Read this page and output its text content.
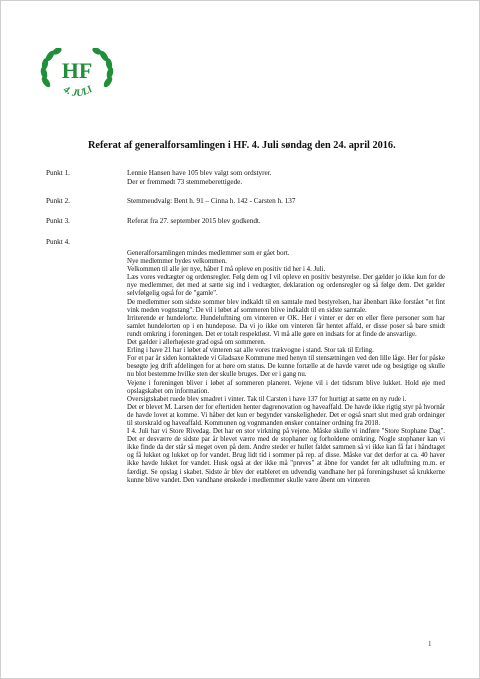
HF
4. JULI
Referat af generalforsamlingen i HF. 4. Juli søndag den 24. april 2016.
Punkt 1.	Lennie Hansen have 105 blev valgt som ordstyrer.
Der er fremmødt 73 stemmeberettigede.
Punkt 2.	Stemmeudvalg: Bent h. 91 – Cinna h. 142 - Carsten h. 137
Punkt 3.	Referat fra 27. september 2015 blev godkendt.
Punkt 4.

Generalforsamlingen mindes medlemmer som er gået bort.

Nye medlemmer bydes velkommen.

Velkommen til alle jer nye, håber I må opleve en positiv tid her i 4. Juli.

Læs vores vedtægter og ordensregler. Følg dem og I vil opleve en positiv bestyrelse. Der gælder jo ikke kun for de nye medlemmer, det med at sætte sig ind i vedtægter, deklaration og ordensregler og så følge dem. Det gælder selvfølgelig også for de "gamle".

De medlemmer som sidste sommer blev indkaldt til en samtale med bestyrelsen, har åbenbart ikke forstået "et fint vink meden vognstang". De vil i løbet af sommeren blive indkaldt til en sidste samtale.

Irriterende er hundelorte. Hundeluftning om vinteren er OK. Her i vinter er der en eller flere personer som har samlet hundelorten op i en hundepose. Da vi jo ikke om vinteren får hentet affald, er disse poser så bare smidt rundt omkring i foreningen. Det er totalt respektløst. Vi må alle gøre en indsats for at finde de ansvarlige.

Det gælder i allerhøjeste grad også om sommeren.

Erling i have 21 har i løbet af vinteren sat alle vores trækvogne i stand. Stor tak til Erling.

For et par år siden kontaktede vi Gladsaxe Kommune med henyn til stensætningen ved den lille låge. Her for påske besøgte jeg drift afdelingen for at høre om status. De kunne fortælle at de havde været ude og besigtige og skulle nu blot bestemme hvilke sten der skulle bruges. Der er i gang nu.

Vejene i foreningen bliver i løbet af sommeren planeret. Vejene vil i det tidsrum blive lukket. Hold øje med opslagskabet om information.

Oversigtskabet ruede blev smadret i vinter. Tak til Carsten i have 137 for hurtigt at sætte en ny rude i.

Det er blevet M. Larsen der for eftertiden henter dagrenovation og haveaffald. De havde ikke rigtig styr på hvornår de havde lovet at komme. Vi håber det kun er begynder vanskeligheder. Det er også snart slut med grab ordninger til storskrald og haveaffald. Kommunen og vognmanden ønsker container ordning fra 2018.

I 4. Juli har vi Store Rivedag. Det har en stor virkning på vejene. Måske skulle vi indføre "Store Stophane Dag". Det er desværre de sidste par år blevet værre med de stophaner og forholdene omkring. Nogle stophaner kan vi ikke finde da der står så meget oven på dem. Andre steder er hullet faldet sammen så vi ikke kan få fat i håndtaget og få lukket og lukket op for vandet. Brug lidt tid i sommer på rep. af disse. Måske var det derfor at ca. 40 haver ikke havde lukket for vandet. Husk også at der ikke må "prøves" at åbne for vandet før alt udluftning m.m. er færdigt. Se opslag i skabet. Sidste år blev der etableret en udvendig vandhane her på foreningshuset så krukkerne kunne blive vandet. Den vandhane ønskede i medlemmer skulle være åbent om vinteren

1
